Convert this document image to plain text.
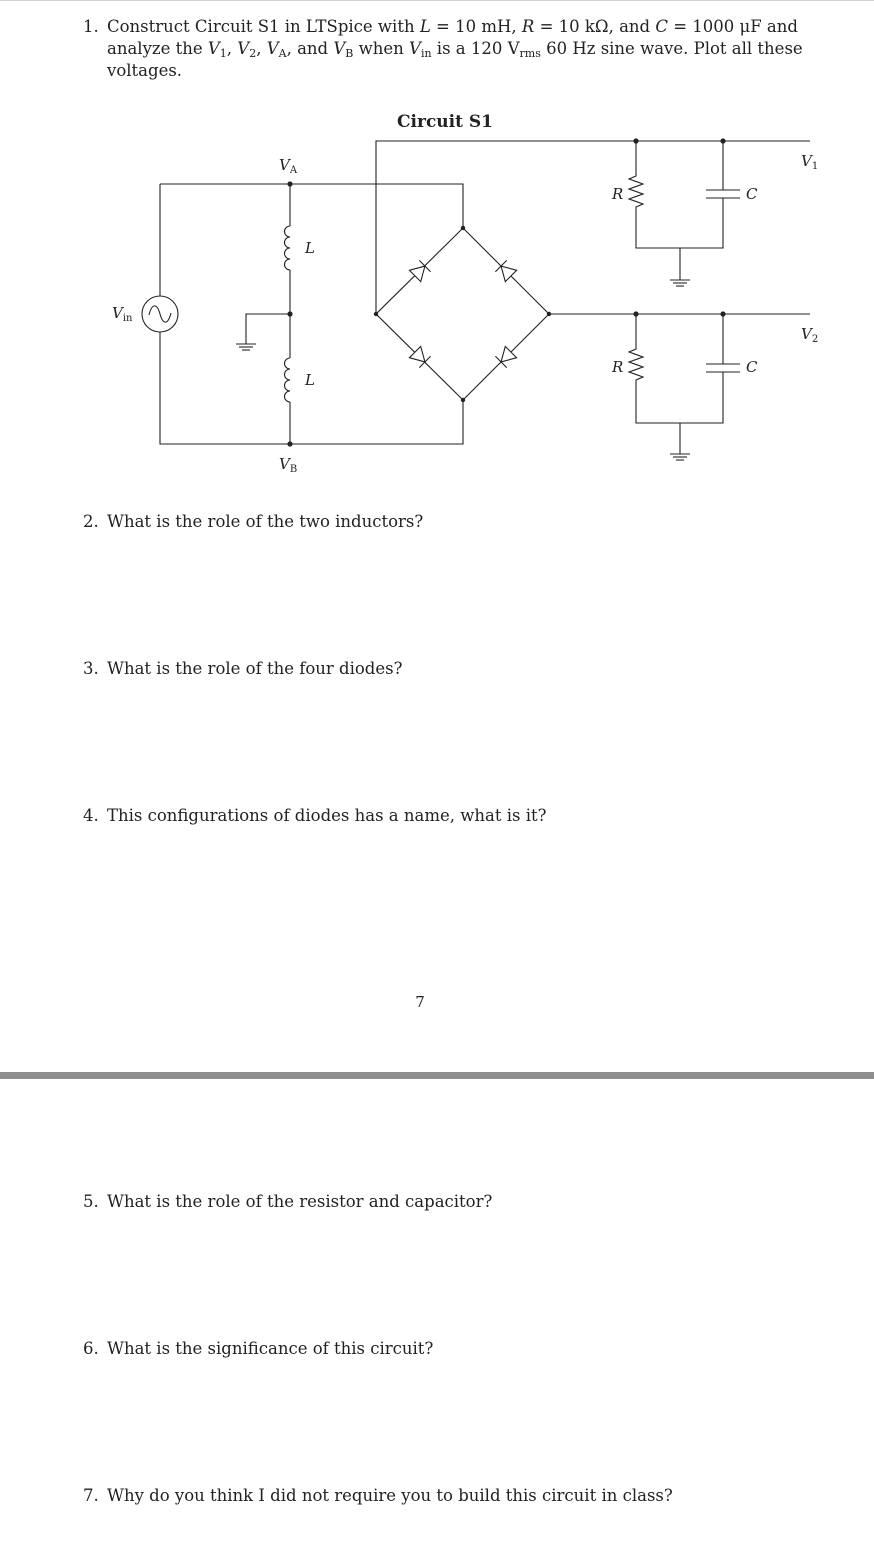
1. Construct Circuit S1 in LTSpice with L = 10 mH, R = 10 kΩ, and C = 1000 μF and
analyze the $V_1$, $V_2$, $V_A$, and $V_B$ when $V_{in}$ is a 120 $V_{rms}$ 60 Hz sine wave. Plot all these
voltages.
Circuit S1
VA
VB
Vin
V1
V2
L
L
R
R
C
C
2. What is the role of the two inductors?
3. What is the role of the four diodes?
4. This configurations of diodes has a name, what is it?
7
5. What is the role of the resistor and capacitor?
6. What is the significance of this circuit?
7. Why do you think I did not require you to build this circuit in class?
